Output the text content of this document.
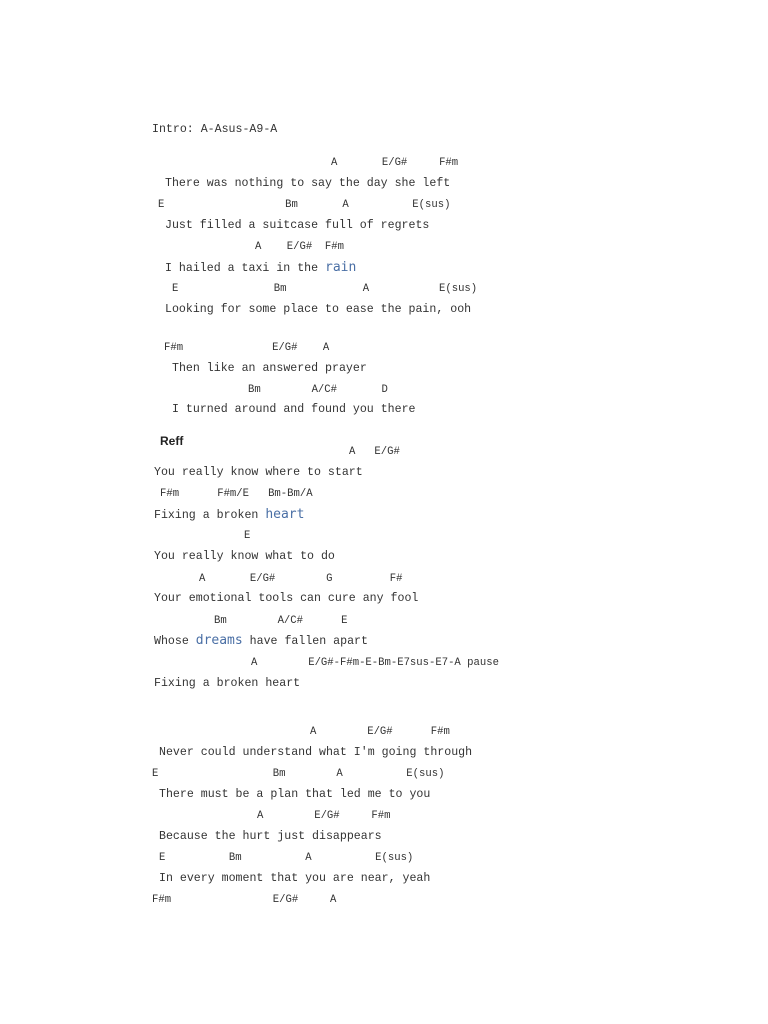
Intro: A-Asus-A9-A
A       E/G#     F#m
There was nothing to say the day she left
E                   Bm       A          E(sus)
Just filled a suitcase full of regrets
A    E/G#  F#m
I hailed a taxi in the rain
E               Bm            A           E(sus)
Looking for some place to ease the pain, ooh
F#m              E/G#    A
Then like an answered prayer
Bm        A/C#       D
I turned around and found you there
Reff
A   E/G#
You really know where to start
F#m      F#m/E   Bm-Bm/A
Fixing a broken heart
E
You really know what to do
A       E/G#        G         F#
Your emotional tools can cure any fool
Bm        A/C#      E
Whose dreams have fallen apart
A        E/G#-F#m-E-Bm-E7sus-E7-A pause
Fixing a broken heart
A        E/G#      F#m
Never could understand what I'm going through
E                  Bm        A          E(sus)
There must be a plan that led me to you
A        E/G#     F#m
Because the hurt just disappears
E          Bm          A          E(sus)
In every moment that you are near, yeah
F#m                E/G#     A
